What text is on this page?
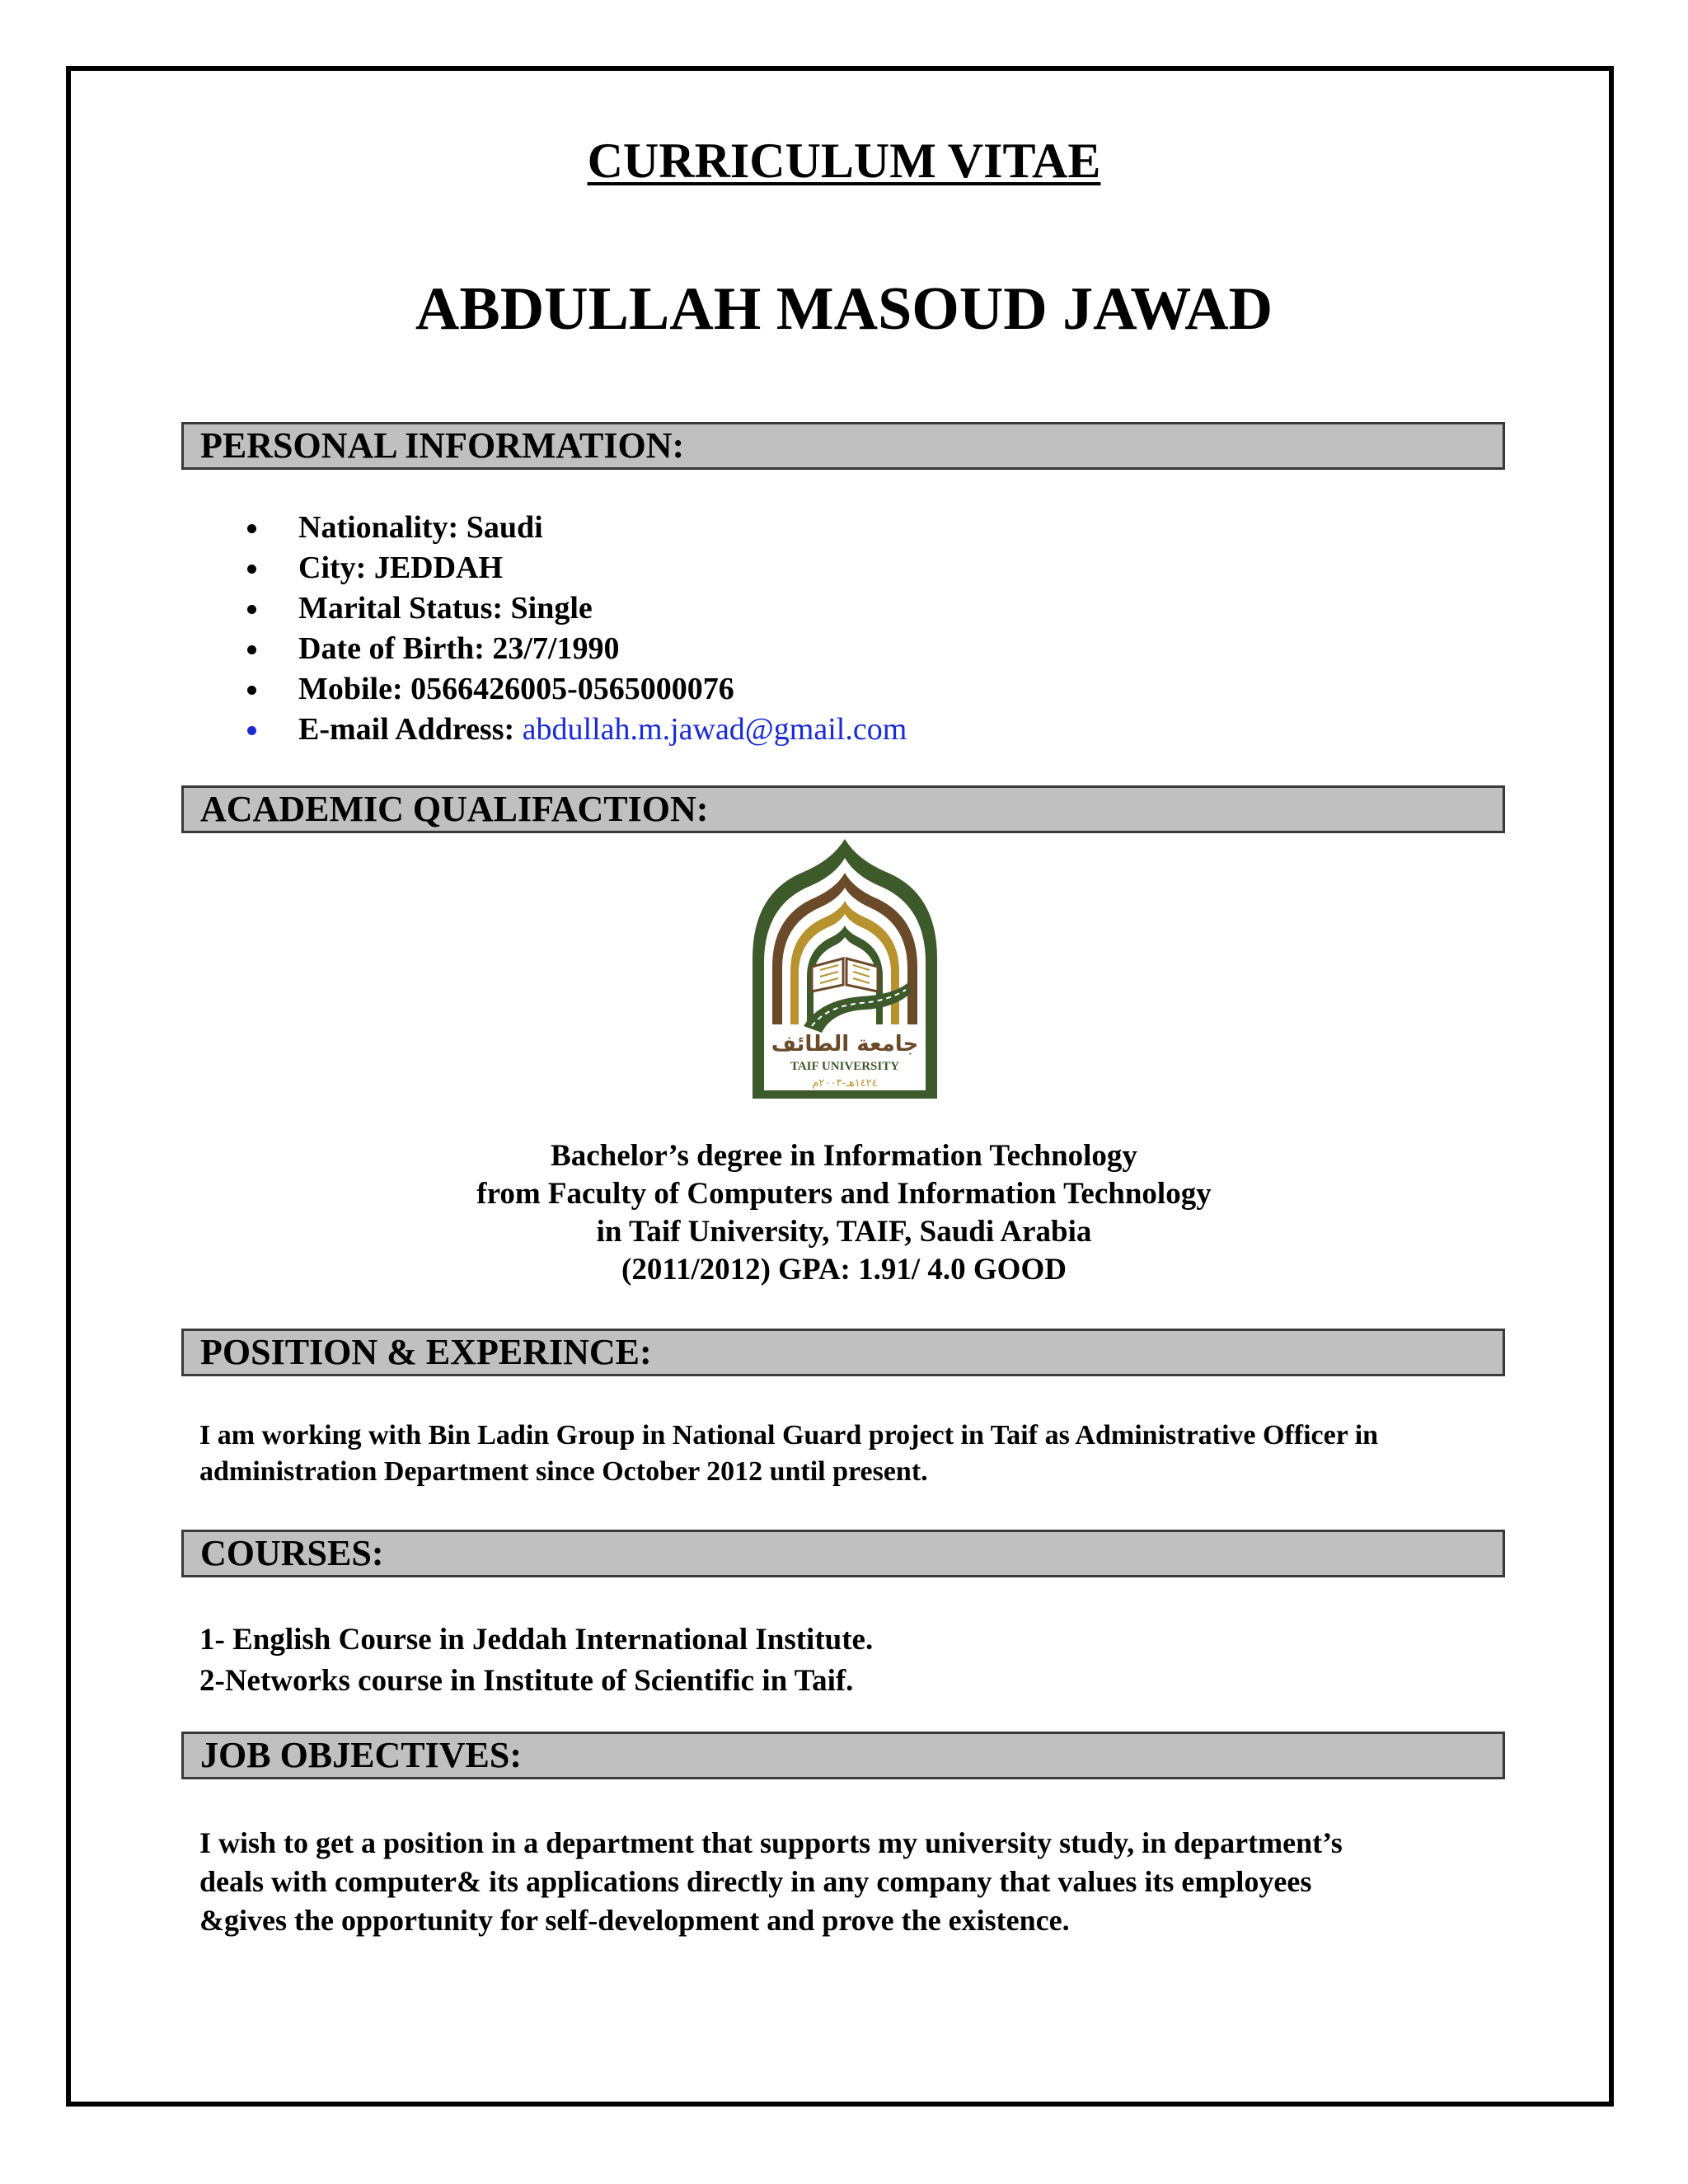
CURRICULUM VITAE
ABDULLAH MASOUD JAWAD
PERSONAL INFORMATION:
Nationality: Saudi
City: JEDDAH
Marital Status: Single
Date of Birth: 23/7/1990
Mobile: 0566426005-0565000076
E-mail Address: abdullah.m.jawad@gmail.com
ACADEMIC QUALIFACTION:
جامعة الطائف
TAIF UNIVERSITY
١٤٢٤هـ-٢٠٠٣م
Bachelor’s degree in Information Technology
from Faculty of Computers and Information Technology
in Taif University, TAIF, Saudi Arabia
(2011/2012) GPA: 1.91/ 4.0 GOOD
POSITION & EXPERINCE:
I am working with Bin Ladin Group in National Guard project in Taif as Administrative Officer in
administration Department since October 2012 until present.
COURSES:
1- English Course in Jeddah International Institute.
2-Networks course in Institute of Scientific in Taif.
JOB OBJECTIVES:
I wish to get a position in a department that supports my university study, in department’s
deals with computer& its applications directly in any company that values its employees
&gives the opportunity for self-development and prove the existence.
